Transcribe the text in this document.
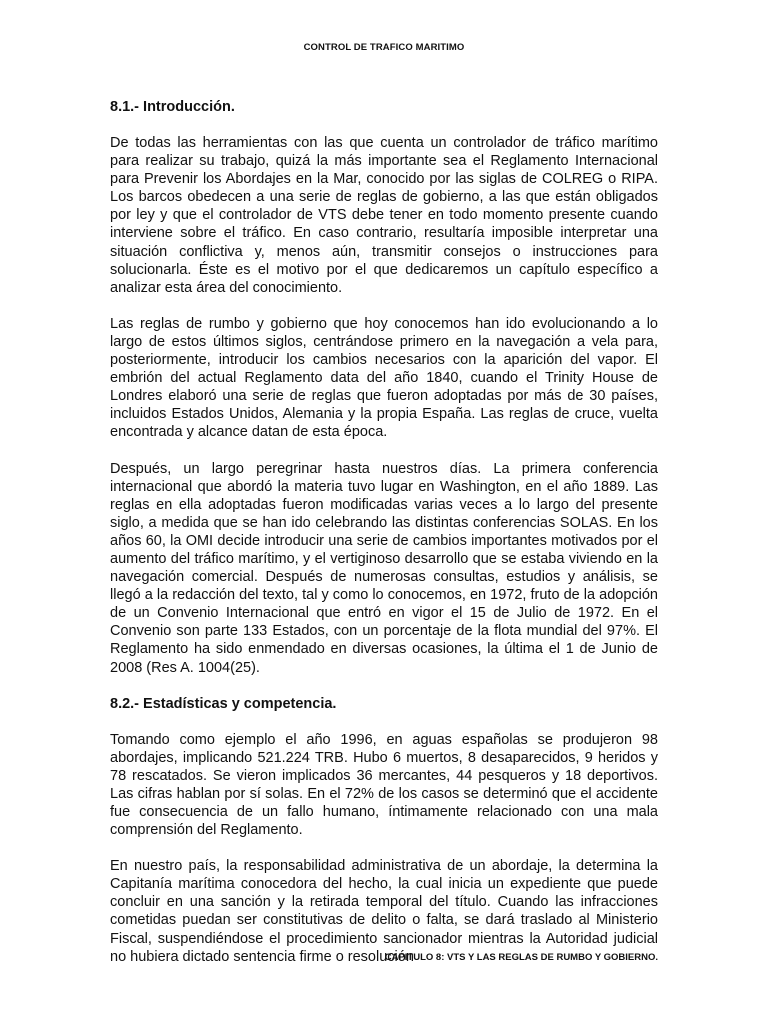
CONTROL DE TRAFICO MARITIMO
8.1.- Introducción.

De todas las herramientas con las que cuenta un controlador de tráfico marítimo para realizar su trabajo, quizá la más importante sea el Reglamento Internacional para Prevenir los Abordajes en la Mar, conocido por las siglas de COLREG o RIPA. Los barcos obedecen a una serie de reglas de gobierno, a las que están obligados por ley y que el controlador de VTS debe tener en todo momento presente cuando interviene sobre el tráfico. En caso contrario, resultaría imposible interpretar una situación conflictiva y, menos aún, transmitir consejos o instrucciones para solucionarla. Éste es el motivo por el que dedicaremos un capítulo específico a analizar esta área del conocimiento.

Las reglas de rumbo y gobierno que hoy conocemos han ido evolucionando a lo largo de estos últimos siglos, centrándose primero en la navegación a vela para, posteriormente, introducir los cambios necesarios con la aparición del vapor. El embrión del actual Reglamento data del año 1840, cuando el Trinity House de Londres elaboró una serie de reglas que fueron adoptadas por más de 30 países, incluidos Estados Unidos, Alemania y la propia España. Las reglas de cruce, vuelta encontrada y alcance datan de esta época.

Después, un largo peregrinar hasta nuestros días. La primera conferencia internacional que abordó la materia tuvo lugar en Washington, en el año 1889. Las reglas en ella adoptadas fueron modificadas varias veces a lo largo del presente siglo, a medida que se han ido celebrando las distintas conferencias SOLAS. En los años 60, la OMI decide introducir una serie de cambios importantes motivados por el aumento del tráfico marítimo, y el vertiginoso desarrollo que se estaba viviendo en la navegación comercial. Después de numerosas consultas, estudios y análisis, se llegó a la redacción del texto, tal y como lo conocemos, en 1972, fruto de la adopción de un Convenio Internacional que entró en vigor el 15 de Julio de 1972. En el Convenio son parte 133 Estados, con un porcentaje de la flota mundial del 97%. El Reglamento ha sido enmendado en diversas ocasiones, la última el 1 de Junio de 2008 (Res A. 1004(25).

8.2.- Estadísticas y competencia.

Tomando como ejemplo el año 1996, en aguas españolas se produjeron 98 abordajes, implicando 521.224 TRB. Hubo 6 muertos, 8 desaparecidos, 9 heridos y 78 rescatados. Se vieron implicados 36 mercantes, 44 pesqueros y 18 deportivos. Las cifras hablan por sí solas. En el 72% de los casos se determinó que el accidente fue consecuencia de un fallo humano, íntimamente relacionado con una mala comprensión del Reglamento.

En nuestro país, la responsabilidad administrativa de un abordaje, la determina la Capitanía marítima conocedora del hecho, la cual inicia un expediente que puede concluir en una sanción y la retirada temporal del título. Cuando las infracciones cometidas puedan ser constitutivas de delito o falta, se dará traslado al Ministerio Fiscal, suspendiéndose el procedimiento sancionador mientras la Autoridad judicial no hubiera dictado sentencia firme o resolución

CAPITULO 8: VTS Y LAS REGLAS DE RUMBO Y GOBIERNO.
